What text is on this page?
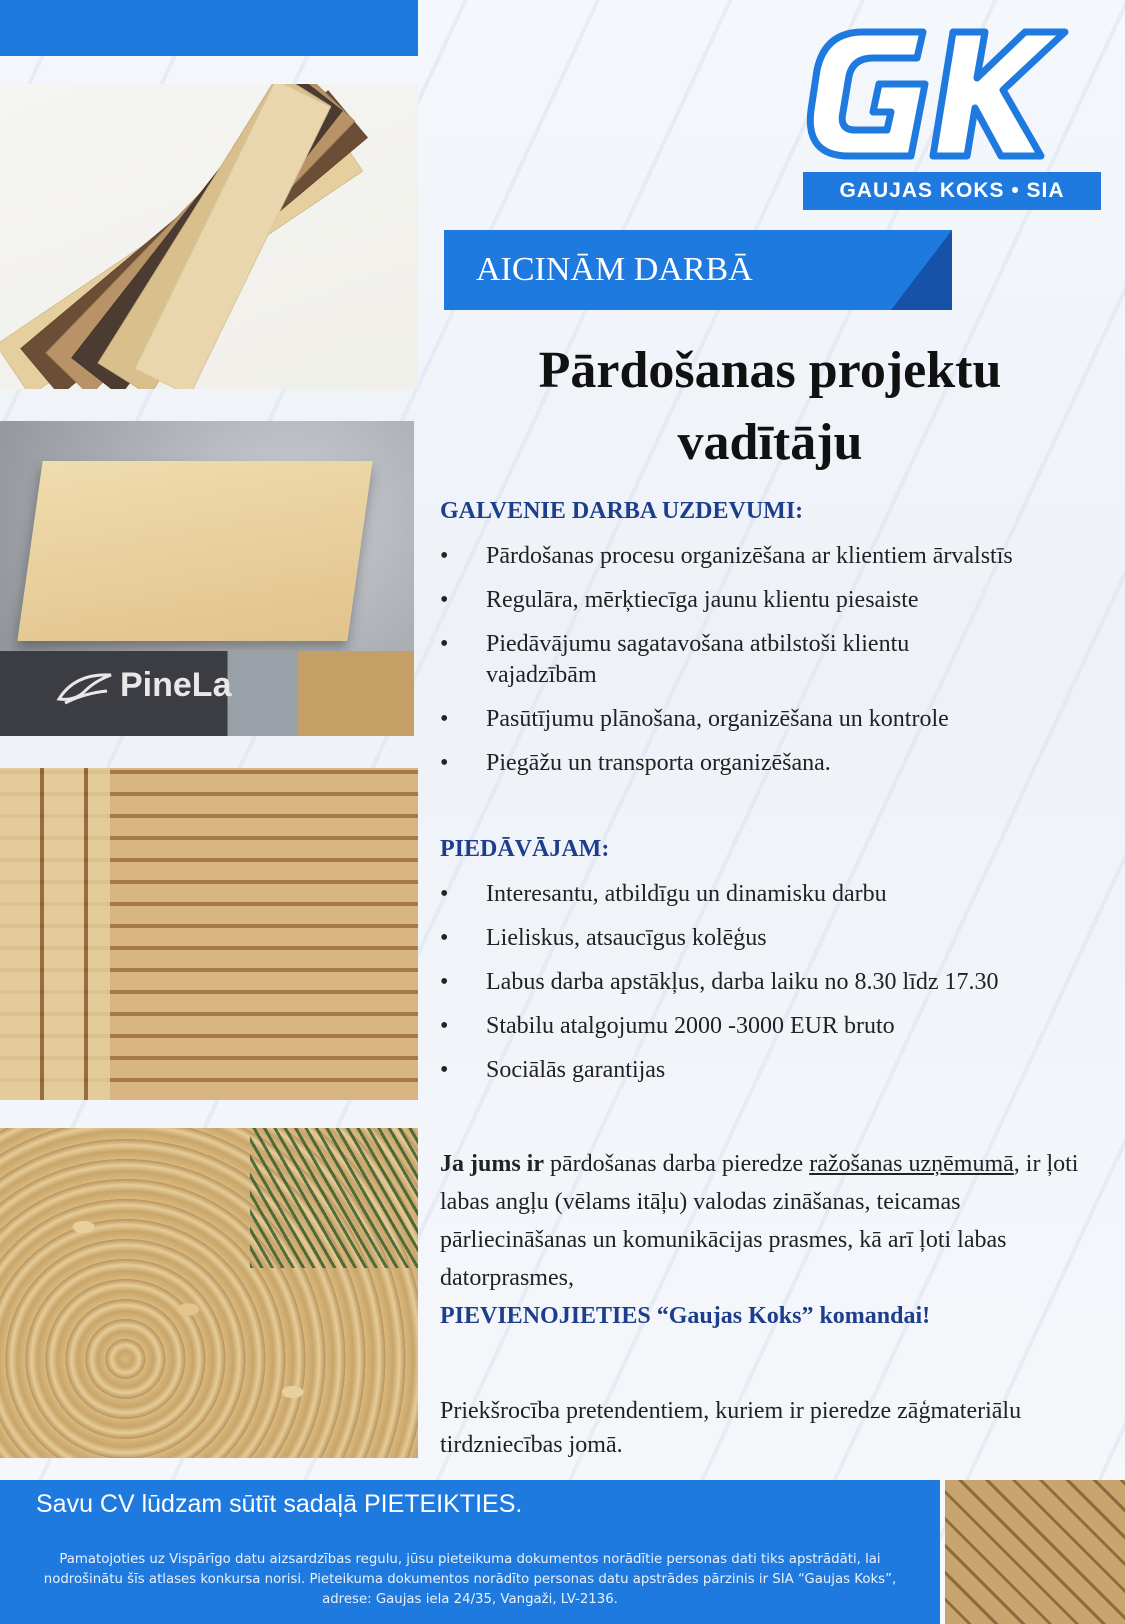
PineLa
GAUJAS KOKS • SIA
AICINĀM DARBĀ
Pārdošanas projektu
vadītāju
GALVENIE DARBA UZDEVUMI:
• Pārdošanas procesu organizēšana ar klientiem ārvalstīs
• Regulāra, mērķtiecīga jaunu klientu piesaiste
• Piedāvājumu sagatavošana atbilstoši klientu vajadzībām
• Pasūtījumu plānošana, organizēšana un kontrole
• Piegāžu un transporta organizēšana.
PIEDĀVĀJAM:
• Interesantu, atbildīgu un dinamisku darbu
• Lieliskus, atsaucīgus kolēģus
• Labus darba apstākļus, darba laiku no 8.30 līdz 17.30
• Stabilu atalgojumu 2000 -3000 EUR bruto
• Sociālās garantijas
Ja jums ir pārdošanas darba pieredze ražošanas uzņēmumā, ir ļoti labas angļu (vēlams itāļu) valodas zināšanas, teicamas pārliecināšanas un komunikācijas prasmes, kā arī ļoti labas datorprasmes,
PIEVIENOJIETIES “Gaujas Koks” komandai!
Priekšrocība pretendentiem, kuriem ir pieredze zāģmateriālu tirdzniecības jomā.
Savu CV lūdzam sūtīt sadaļā PIETEIKTIES.
Pamatojoties uz Vispārīgo datu aizsardzības regulu, jūsu pieteikuma dokumentos norādītie personas dati tiks apstrādāti, lai nodrošinātu šīs atlases konkursa norisi. Pieteikuma dokumentos norādīto personas datu apstrādes pārzinis ir SIA “Gaujas Koks”, adrese: Gaujas iela 24/35, Vangaži, LV-2136.
